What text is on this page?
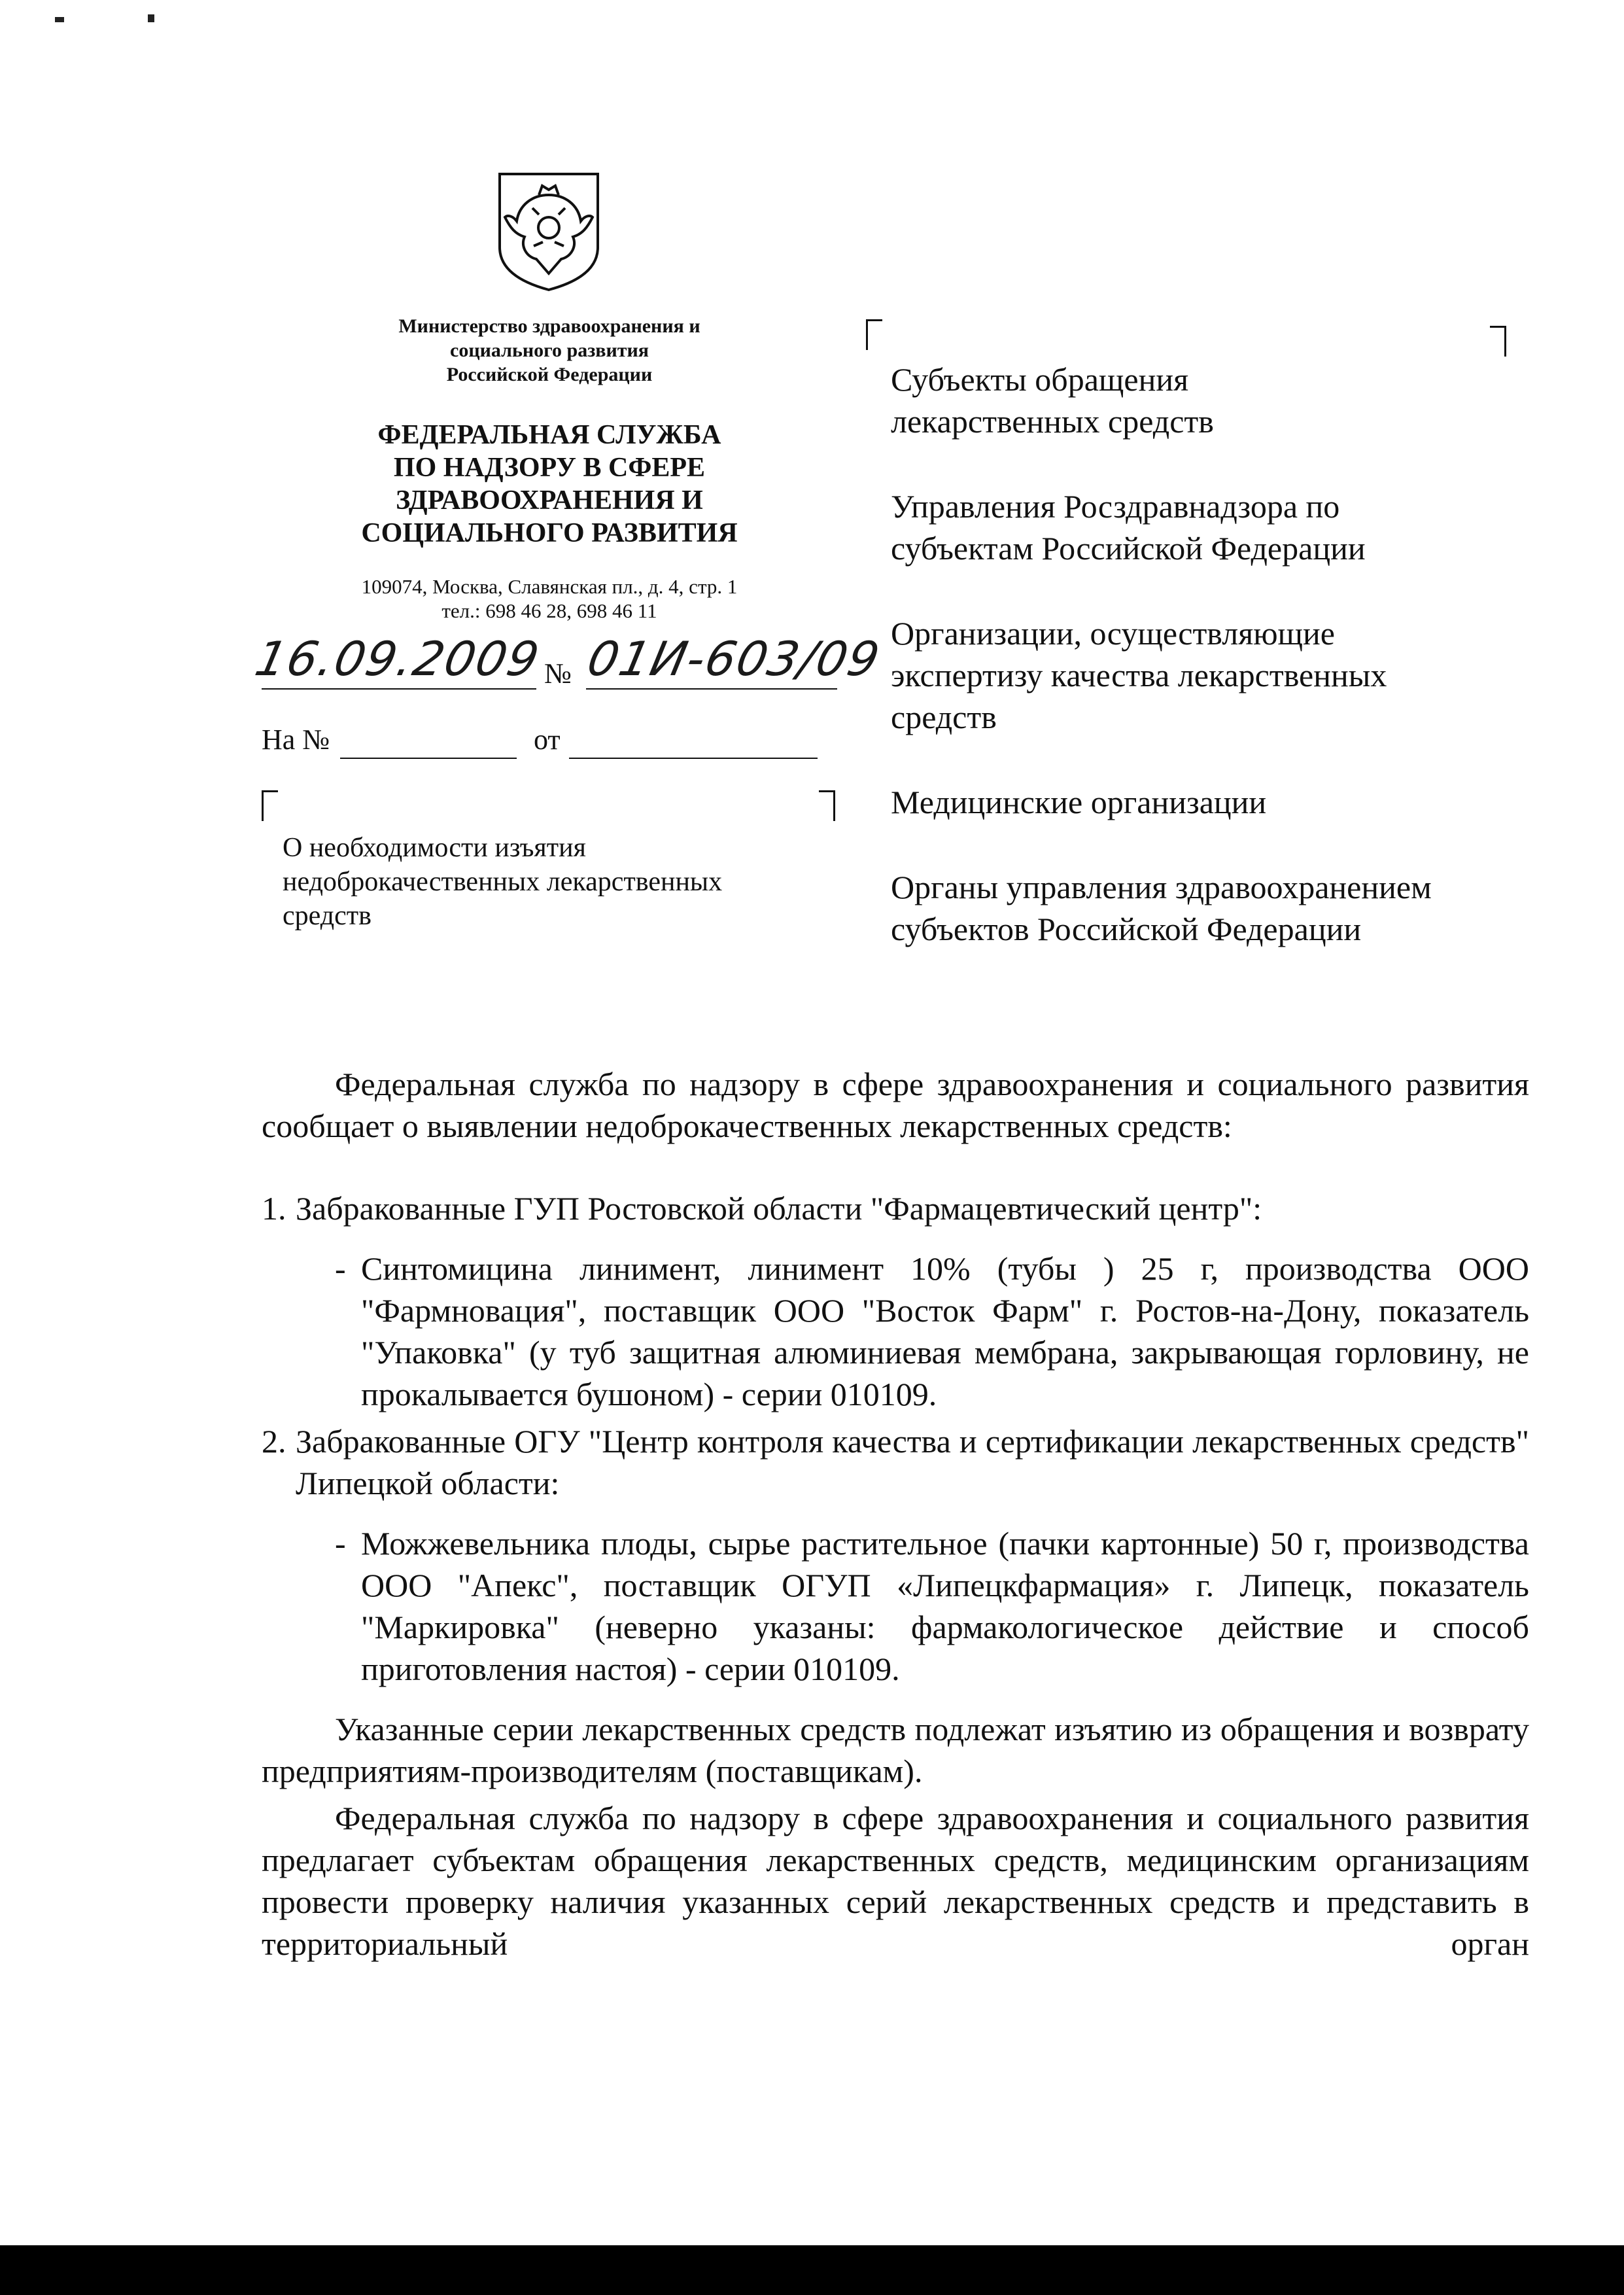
Министерство здравоохранения и
социального развития
Российской Федерации
ФЕДЕРАЛЬНАЯ СЛУЖБА
ПО НАДЗОРУ В СФЕРЕ
ЗДРАВООХРАНЕНИЯ И
СОЦИАЛЬНОГО РАЗВИТИЯ
109074, Москва, Славянская пл., д. 4, стр. 1
тел.: 698 46 28, 698 46 11
16.09.2009
№ 01И-603/09
На №	от
О необходимости изъятия
недоброкачественных лекарственных
средств

Субъекты обращения
лекарственных средств

Управления Росздравнадзора по
субъектам Российской Федерации

Организации, осуществляющие
экспертизу качества лекарственных
средств

Медицинские организации

Органы управления здравоохранением
субъектов Российской Федерации

Федеральная служба по надзору в сфере здравоохранения и социального развития сообщает о выявлении недоброкачественных лекарственных средств:

1. Забракованные ГУП Ростовской области "Фармацевтический центр":
- Синтомицина линимент, линимент 10% (тубы ) 25 г, производства ООО "Фармновация", поставщик ООО "Восток Фарм" г. Ростов-на-Дону, показатель "Упаковка" (у туб защитная алюминиевая мембрана, закрывающая горловину, не прокалывается бушоном) - серии 010109.
2. Забракованные ОГУ "Центр контроля качества и сертификации лекарственных средств" Липецкой области:
- Можжевельника плоды, сырье растительное (пачки картонные) 50 г, производства ООО "Апекс", поставщик ОГУП «Липецкфармация» г. Липецк, показатель "Маркировка" (неверно указаны: фармакологическое действие и способ приготовления настоя) - серии 010109.

Указанные серии лекарственных средств подлежат изъятию из обращения и возврату предприятиям-производителям (поставщикам).

Федеральная служба по надзору в сфере здравоохранения и социального развития предлагает субъектам обращения лекарственных средств, медицинским организациям провести проверку наличия указанных серий лекарственных средств и представить в территориальный орган
